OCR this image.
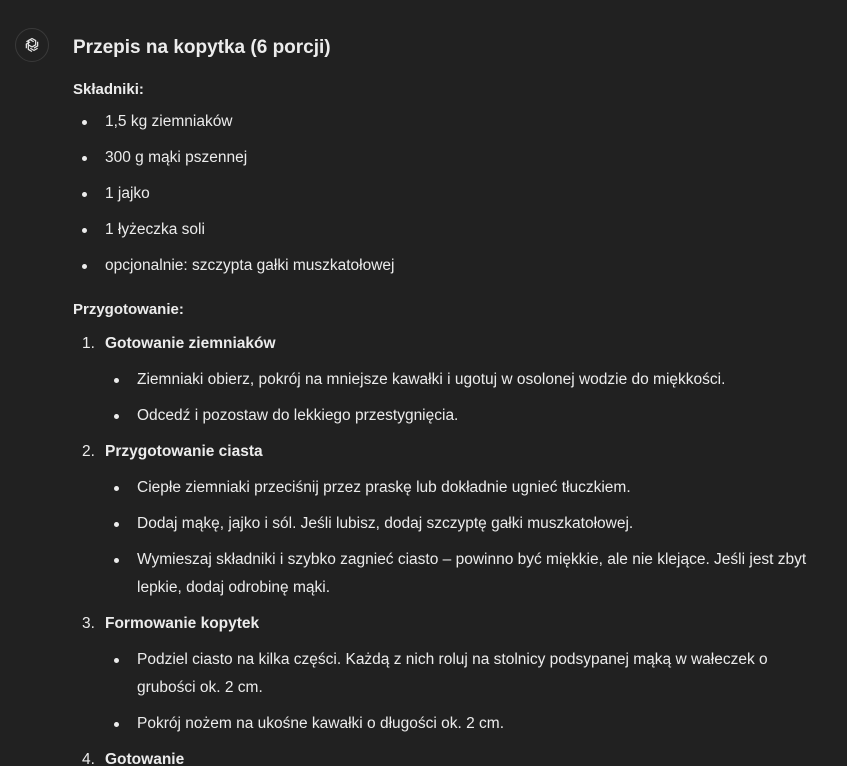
Przepis na kopytka (6 porcji)

Składniki:

1,5 kg ziemniaków
300 g mąki pszennej
1 jajko
1 łyżeczka soli
opcjonalnie: szczypta gałki muszkatołowej

Przygotowanie:

1. Gotowanie ziemniaków
Ziemniaki obierz, pokrój na mniejsze kawałki i ugotuj w osolonej wodzie do miękkości.
Odcedź i pozostaw do lekkiego przestygnięcia.
2. Przygotowanie ciasta
Ciepłe ziemniaki przeciśnij przez praskę lub dokładnie ugnieć tłuczkiem.
Dodaj mąkę, jajko i sól. Jeśli lubisz, dodaj szczyptę gałki muszkatołowej.
Wymieszaj składniki i szybko zagnieć ciasto – powinno być miękkie, ale nie klejące. Jeśli jest zbyt lepkie, dodaj odrobinę mąki.
3. Formowanie kopytek
Podziel ciasto na kilka części. Każdą z nich roluj na stolnicy podsypanej mąką w wałeczek o grubości ok. 2 cm.
Pokrój nożem na ukośne kawałki o długości ok. 2 cm.
4. Gotowanie
